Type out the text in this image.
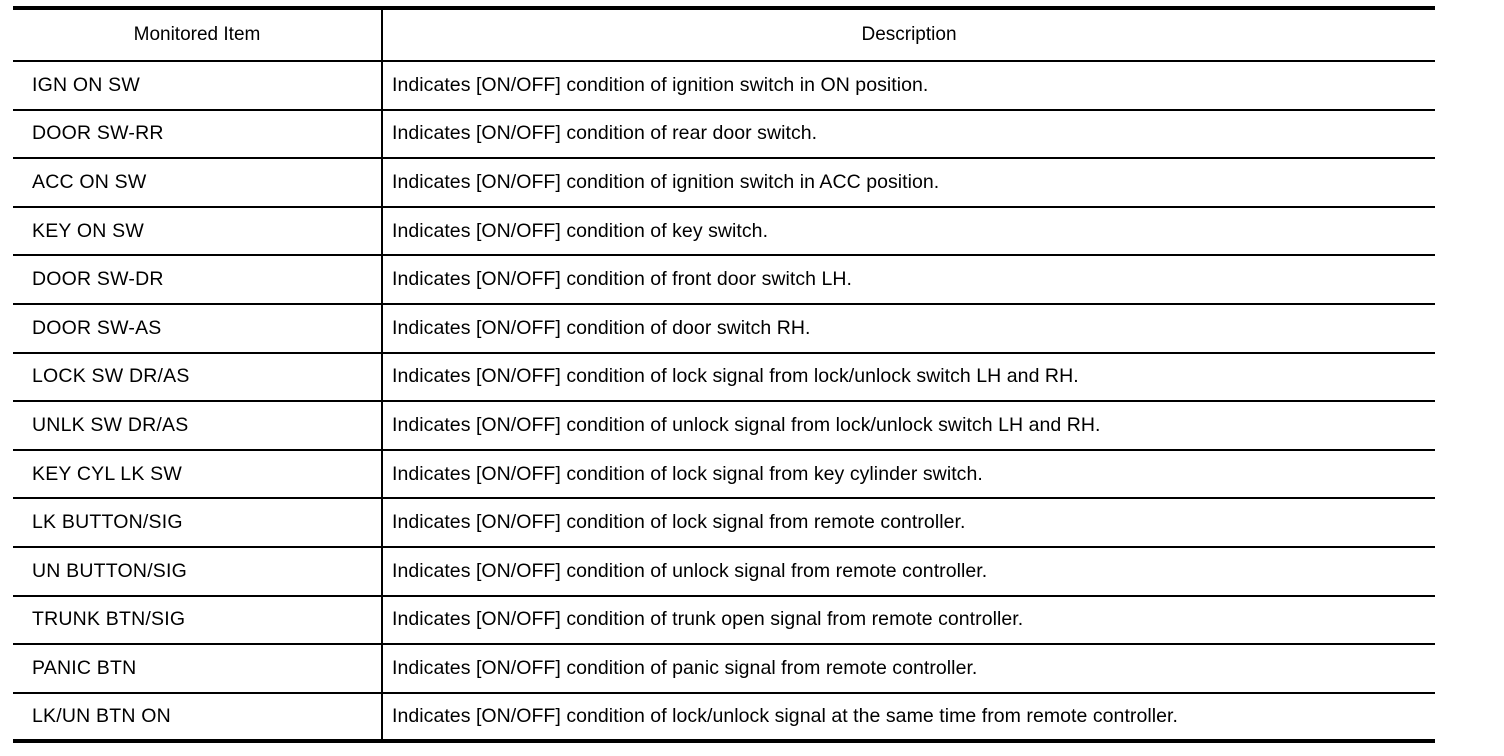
Monitored Item	Description
IGN ON SW	Indicates [ON/OFF] condition of ignition switch in ON position.
DOOR SW-RR	Indicates [ON/OFF] condition of rear door switch.
ACC ON SW	Indicates [ON/OFF] condition of ignition switch in ACC position.
KEY ON SW	Indicates [ON/OFF] condition of key switch.
DOOR SW-DR	Indicates [ON/OFF] condition of front door switch LH.
DOOR SW-AS	Indicates [ON/OFF] condition of door switch RH.
LOCK SW DR/AS	Indicates [ON/OFF] condition of lock signal from lock/unlock switch LH and RH.
UNLK SW DR/AS	Indicates [ON/OFF] condition of unlock signal from lock/unlock switch LH and RH.
KEY CYL LK SW	Indicates [ON/OFF] condition of lock signal from key cylinder switch.
LK BUTTON/SIG	Indicates [ON/OFF] condition of lock signal from remote controller.
UN BUTTON/SIG	Indicates [ON/OFF] condition of unlock signal from remote controller.
TRUNK BTN/SIG	Indicates [ON/OFF] condition of trunk open signal from remote controller.
PANIC BTN	Indicates [ON/OFF] condition of panic signal from remote controller.
LK/UN BTN ON	Indicates [ON/OFF] condition of lock/unlock signal at the same time from remote controller.
